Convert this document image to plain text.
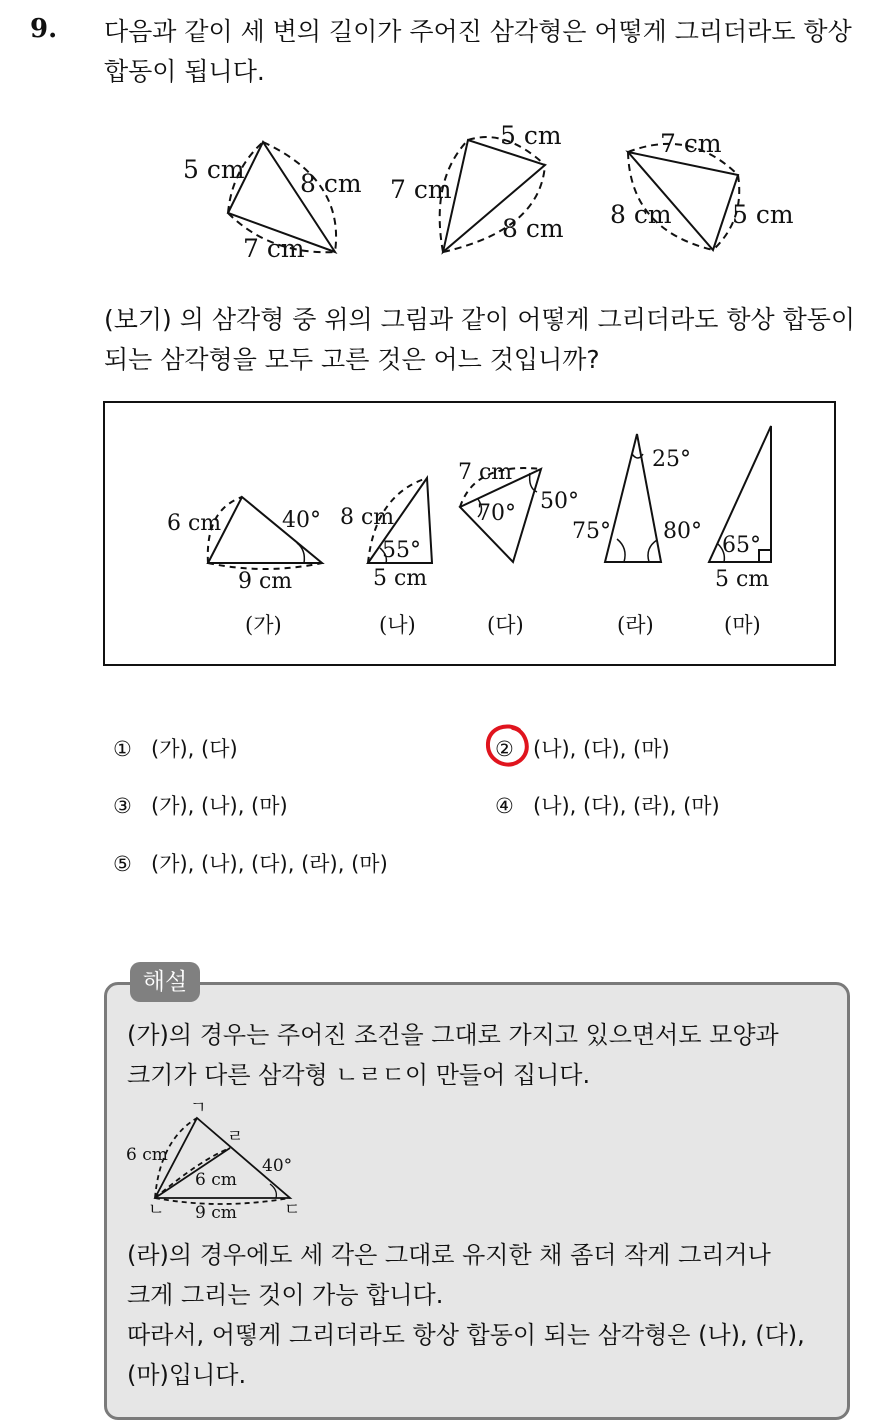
9. 다음과 같이 세 변의 길이가 주어진 삼각형은 어떻게 그리더라도 항상

합동이 됩니다.

5 cm 8 cm
7 cm
5 cm
7 cm
8 cm
7 cm
8 cm 5 cm

(보기) 의 삼각형 중 위의 그림과 같이 어떻게 그리더라도 항상 합동이

되는 삼각형을 모두 고른 것은 어느 것입니까?

6 cm	40°
9 cm
8 cm
55°
5 cm
7 cm
50°
70°
25°
75° 80°
65°
5 cm
(가)	(나)	(다)	(라)	(마)
① (가), (다)	② (나), (다), (마)
③ (가), (나), (마)	④ (나), (다), (라), (마)
⑤ (가), (나), (다), (라), (마)
해설

(가)의 경우는 주어진 조건을 그대로 가지고 있으면서도 모양과

크기가 다른 삼각형 ㄴㄹㄷ이 만들어 집니다.

ㄱ
ㄹ
ㄴ	ㄷ
6 cm
6 cm
40°
9 cm

(라)의 경우에도 세 각은 그대로 유지한 채 좀더 작게 그리거나

크게 그리는 것이 가능 합니다.

따라서, 어떻게 그리더라도 항상 합동이 되는 삼각형은 (나), (다),

(마)입니다.
